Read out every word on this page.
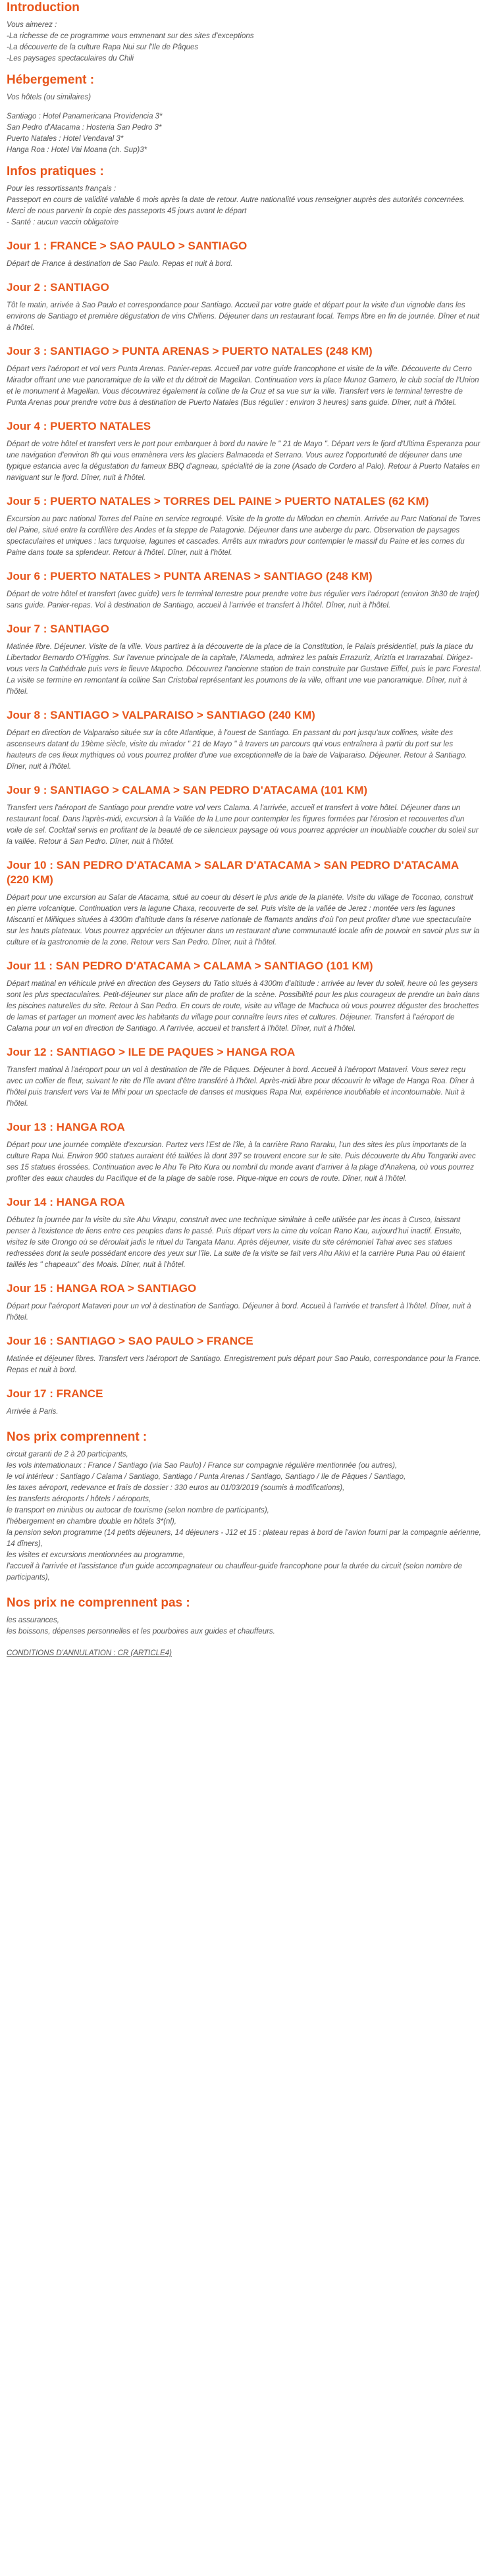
Introduction

Vous aimerez :

-La richesse de ce programme vous emmenant sur des sites d'exceptions

-La découverte de la culture Rapa Nui sur l'Ile de Pâques

-Les paysages spectaculaires du Chili

Hébergement :

Vos hôtels (ou similaires)

Santiago : Hotel Panamericana Providencia 3*

San Pedro d'Atacama : Hosteria San Pedro 3*

Puerto Natales : Hotel Vendaval 3*

Hanga Roa : Hotel Vai Moana (ch. Sup)3*

Infos pratiques :

Pour les ressortissants français :

Passeport en cours de validité valable 6 mois après la date de retour. Autre nationalité vous renseigner auprès des autorités concernées.

Merci de nous parvenir la copie des passeports 45 jours avant le départ

- Santé : aucun vaccin obligatoire

Jour 1 : FRANCE > SAO PAULO > SANTIAGO

Départ de France à destination de Sao Paulo. Repas et nuit à bord.

Jour 2 : SANTIAGO

Tôt le matin, arrivée à Sao Paulo et correspondance pour Santiago. Accueil par votre guide et départ pour la visite d'un vignoble dans les environs de Santiago et première dégustation de vins Chiliens. Déjeuner dans un restaurant local. Temps libre en fin de journée. Dîner et nuit à l'hôtel.

Jour 3 : SANTIAGO > PUNTA ARENAS > PUERTO NATALES (248 KM)

Départ vers l'aéroport et vol vers Punta Arenas. Panier-repas. Accueil par votre guide francophone et visite de la ville. Découverte du Cerro Mirador offrant une vue panoramique de la ville et du détroit de Magellan. Continuation vers la place Munoz Gamero, le club social de l'Union et le monument à Magellan. Vous découvrirez également la colline de la Cruz et sa vue sur la ville. Transfert vers le terminal terrestre de Punta Arenas pour prendre votre bus à destination de Puerto Natales (Bus régulier : environ 3 heures) sans guide. Dîner, nuit à l'hôtel.

Jour 4 : PUERTO NATALES

Départ de votre hôtel et transfert vers le port pour embarquer à bord du navire le " 21 de Mayo ". Départ vers le fjord d'Ultima Esperanza pour une navigation d'environ 8h qui vous emmènera vers les glaciers Balmaceda et Serrano. Vous aurez l'opportunité de déjeuner dans une typique estancia avec la dégustation du fameux BBQ d'agneau, spécialité de la zone (Asado de Cordero al Palo). Retour à Puerto Natales en naviguant sur le fjord. Dîner, nuit à l'hôtel.

Jour 5 : PUERTO NATALES > TORRES DEL PAINE > PUERTO NATALES (62 KM)

Excursion au parc national Torres del Paine en service regroupé. Visite de la grotte du Milodon en chemin. Arrivée au Parc National de Torres del Paine, situé entre la cordillère des Andes et la steppe de Patagonie. Déjeuner dans une auberge du parc. Observation de paysages spectaculaires et uniques : lacs turquoise, lagunes et cascades. Arrêts aux miradors pour contempler le massif du Paine et les cornes du Paine dans toute sa splendeur. Retour à l'hôtel. Dîner, nuit à l'hôtel.

Jour 6 : PUERTO NATALES > PUNTA ARENAS > SANTIAGO (248 KM)

Départ de votre hôtel et transfert (avec guide) vers le terminal terrestre pour prendre votre bus régulier vers l'aéroport (environ 3h30 de trajet) sans guide. Panier-repas. Vol à destination de Santiago, accueil à l'arrivée et transfert à l'hôtel. Dîner, nuit à l'hôtel.

Jour 7 : SANTIAGO

Matinée libre. Déjeuner. Visite de la ville. Vous partirez à la découverte de la place de la Constitution, le Palais présidentiel, puis la place du Libertador Bernardo O'Higgins. Sur l'avenue principale de la capitale, l'Alameda, admirez les palais Errazuriz, Ariztía et Irarrazabal. Dirigez-vous vers la Cathédrale puis vers le fleuve Mapocho. Découvrez l'ancienne station de train construite par Gustave Eiffel, puis le parc Forestal. La visite se termine en remontant la colline San Cristobal représentant les poumons de la ville, offrant une vue panoramique. Dîner, nuit à l'hôtel.

Jour 8 : SANTIAGO > VALPARAISO > SANTIAGO (240 KM)

Départ en direction de Valparaiso située sur la côte Atlantique, à l'ouest de Santiago. En passant du port jusqu'aux collines, visite des ascenseurs datant du 19ème siècle, visite du mirador " 21 de Mayo " à travers un parcours qui vous entraînera à partir du port sur les hauteurs de ces lieux mythiques où vous pourrez profiter d'une vue exceptionnelle de la baie de Valparaiso. Déjeuner. Retour à Santiago. Dîner, nuit à l'hôtel.

Jour 9 : SANTIAGO > CALAMA > SAN PEDRO D'ATACAMA (101 KM)

Transfert vers l'aéroport de Santiago pour prendre votre vol vers Calama. A l'arrivée, accueil et transfert à votre hôtel. Déjeuner dans un restaurant local. Dans l'après-midi, excursion à la Vallée de la Lune pour contempler les figures formées par l'érosion et recouvertes d'un voile de sel. Cocktail servis en profitant de la beauté de ce silencieux paysage où vous pourrez apprécier un inoubliable coucher du soleil sur la vallée. Retour à San Pedro. Dîner, nuit à l'hôtel.

Jour 10 : SAN PEDRO D'ATACAMA > SALAR D'ATACAMA > SAN PEDRO D'ATACAMA (220 KM)

Départ pour une excursion au Salar de Atacama, situé au coeur du désert le plus aride de la planète. Visite du village de Toconao, construit en pierre volcanique. Continuation vers la lagune Chaxa, recouverte de sel. Puis visite de la vallée de Jerez : montée vers les lagunes Miscanti et Miñiques situées à 4300m d'altitude dans la réserve nationale de flamants andins d'où l'on peut profiter d'une vue spectaculaire sur les hauts plateaux. Vous pourrez apprécier un déjeuner dans un restaurant d'une communauté locale afin de pouvoir en savoir plus sur la culture et la gastronomie de la zone. Retour vers San Pedro. Dîner, nuit à l'hôtel.

Jour 11 : SAN PEDRO D'ATACAMA > CALAMA > SANTIAGO (101 KM)

Départ matinal en véhicule privé en direction des Geysers du Tatio situés à 4300m d'altitude : arrivée au lever du soleil, heure où les geysers sont les plus spectaculaires. Petit-déjeuner sur place afin de profiter de la scène. Possibilité pour les plus courageux de prendre un bain dans les piscines naturelles du site. Retour à San Pedro. En cours de route, visite au village de Machuca où vous pourrez déguster des brochettes de lamas et partager un moment avec les habitants du village pour connaître leurs rites et cultures. Déjeuner. Transfert à l'aéroport de Calama pour un vol en direction de Santiago. A l'arrivée, accueil et transfert à l'hôtel. Dîner, nuit à l'hôtel.

Jour 12 : SANTIAGO > ILE DE PAQUES > HANGA ROA

Transfert matinal à l'aéroport pour un vol à destination de l'île de Pâques. Déjeuner à bord. Accueil à l'aéroport Mataveri. Vous serez reçu avec un collier de fleur, suivant le rite de l'île avant d'être transféré à l'hôtel. Après-midi libre pour découvrir le village de Hanga Roa. Dîner à l'hôtel puis transfert vers Vai te Mihi pour un spectacle de danses et musiques Rapa Nui, expérience inoubliable et incontournable. Nuit à l'hôtel.

Jour 13 : HANGA ROA

Départ pour une journée complète d'excursion. Partez vers l'Est de l'île, à la carrière Rano Raraku, l'un des sites les plus importants de la culture Rapa Nui. Environ 900 statues auraient été taillées là dont 397 se trouvent encore sur le site. Puis découverte du Ahu Tongariki avec ses 15 statues érossées. Continuation avec le Ahu Te Pito Kura ou nombril du monde avant d'arriver à la plage d'Anakena, où vous pourrez profiter des eaux chaudes du Pacifique et de la plage de sable rose. Pique-nique en cours de route. Dîner, nuit à l'hôtel.

Jour 14 : HANGA ROA

Débutez la journée par la visite du site Ahu Vinapu, construit avec une technique similaire à celle utilisée par les incas à Cusco, laissant penser à l'existence de liens entre ces peuples dans le passé. Puis départ vers la cime du volcan Rano Kau, aujourd'hui inactif. Ensuite, visitez le site Orongo où se déroulait jadis le rituel du Tangata Manu. Après déjeuner, visite du site cérémoniel Tahai avec ses statues redressées dont la seule possédant encore des yeux sur l'île. La suite de la visite se fait vers Ahu Akivi et la carrière Puna Pau où étaient taillés les " chapeaux" des Moais. Dîner, nuit à l'hôtel.

Jour 15 : HANGA ROA > SANTIAGO

Départ pour l'aéroport Mataveri pour un vol à destination de Santiago. Déjeuner à bord. Accueil à l'arrivée et transfert à l'hôtel. Dîner, nuit à l'hôtel.

Jour 16 : SANTIAGO > SAO PAULO > FRANCE

Matinée et déjeuner libres. Transfert vers l'aéroport de Santiago. Enregistrement puis départ pour Sao Paulo, correspondance pour la France. Repas et nuit à bord.

Jour 17 : FRANCE

Arrivée à Paris.

Nos prix comprennent :

circuit garanti de 2 à 20 participants,

les vols internationaux : France / Santiago (via Sao Paulo) / France sur compagnie régulière mentionnée (ou autres),

le vol intérieur : Santiago / Calama / Santiago, Santiago / Punta Arenas / Santiago, Santiago / Ile de Pâques / Santiago,

les taxes aéroport, redevance et frais de dossier : 330 euros au 01/03/2019 (soumis à modifications),

les transferts aéroports / hôtels / aéroports,

le transport en minibus ou autocar de tourisme (selon nombre de participants),

l'hébergement en chambre double en hôtels 3*(nl),

la pension selon programme (14 petits déjeuners, 14 déjeuners - J12 et 15 : plateau repas à bord de l'avion fourni par la compagnie aérienne, 14 dîners),

les visites et excursions mentionnées au programme,

l'accueil à l'arrivée et l'assistance d'un guide accompagnateur ou chauffeur-guide francophone pour la durée du circuit (selon nombre de participants),

Nos prix ne comprennent pas :

les assurances,

les boissons, dépenses personnelles et les pourboires aux guides et chauffeurs.

CONDITIONS D'ANNULATION : CR (ARTICLE4)
